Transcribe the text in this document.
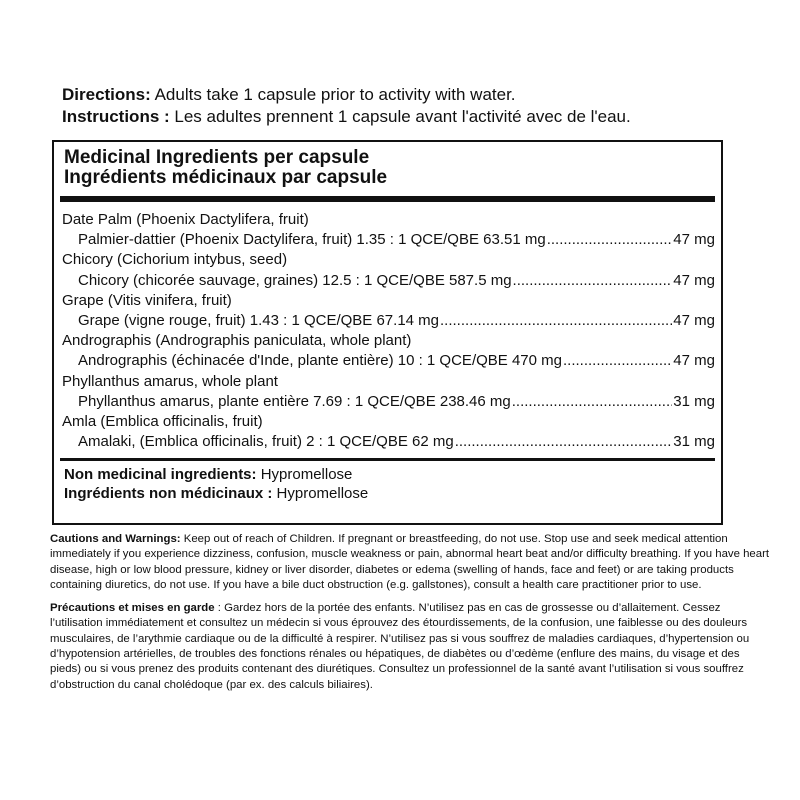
Directions: Adults take 1 capsule prior to activity with water.
Instructions : Les adultes prennent 1 capsule avant l'activité avec de l'eau.
Medicinal Ingredients per capsule
Ingrédients médicinaux par capsule
Date Palm (Phoenix Dactylifera, fruit)
Palmier-dattier (Phoenix Dactylifera, fruit) 1.35 : 1 QCE/QBE 63.51 mg .....	47 mg
Chicory (Cichorium intybus, seed)
Chicory (chicorée sauvage, graines) 12.5 : 1 QCE/QBE 587.5 mg .....	47 mg
Grape (Vitis vinifera, fruit)
Grape (vigne rouge, fruit) 1.43 : 1 QCE/QBE 67.14 mg .....	47 mg
Andrographis (Andrographis paniculata, whole plant)
Andrographis (échinacée d'Inde, plante entière) 10 : 1 QCE/QBE 470 mg .....	47 mg
Phyllanthus amarus, whole plant
Phyllanthus amarus, plante entière 7.69 : 1 QCE/QBE 238.46 mg .....	31 mg
Amla (Emblica officinalis, fruit)
Amalaki, (Emblica officinalis, fruit) 2 : 1 QCE/QBE 62 mg .....	31 mg
Non medicinal ingredients: Hypromellose
Ingrédients non médicinaux : Hypromellose

Cautions and Warnings: Keep out of reach of Children. If pregnant or breastfeeding, do not use. Stop use and seek medical attention immediately if you experience dizziness, confusion, muscle weakness or pain, abnormal heart beat and/or difficulty breathing. If you have heart disease, high or low blood pressure, kidney or liver disorder, diabetes or edema (swelling of hands, face and feet) or are taking products containing diuretics, do not use. If you have a bile duct obstruction (e.g. gallstones), consult a health care practitioner prior to use.

Précautions et mises en garde : Gardez hors de la portée des enfants. N’utilisez pas en cas de grossesse ou d’allaitement. Cessez l’utilisation immédiatement et consultez un médecin si vous éprouvez des étourdissements, de la confusion, une faiblesse ou des douleurs musculaires, de l’arythmie cardiaque ou de la difficulté à respirer. N’utilisez pas si vous souffrez de maladies cardiaques, d’hypertension ou d’hypotension artérielles, de troubles des fonctions rénales ou hépatiques, de diabètes ou d’œdème (enflure des mains, du visage et des pieds) ou si vous prenez des produits contenant des diurétiques. Consultez un professionnel de la santé avant l’utilisation si vous souffrez d’obstruction du canal cholédoque (par ex. des calculs biliaires).
